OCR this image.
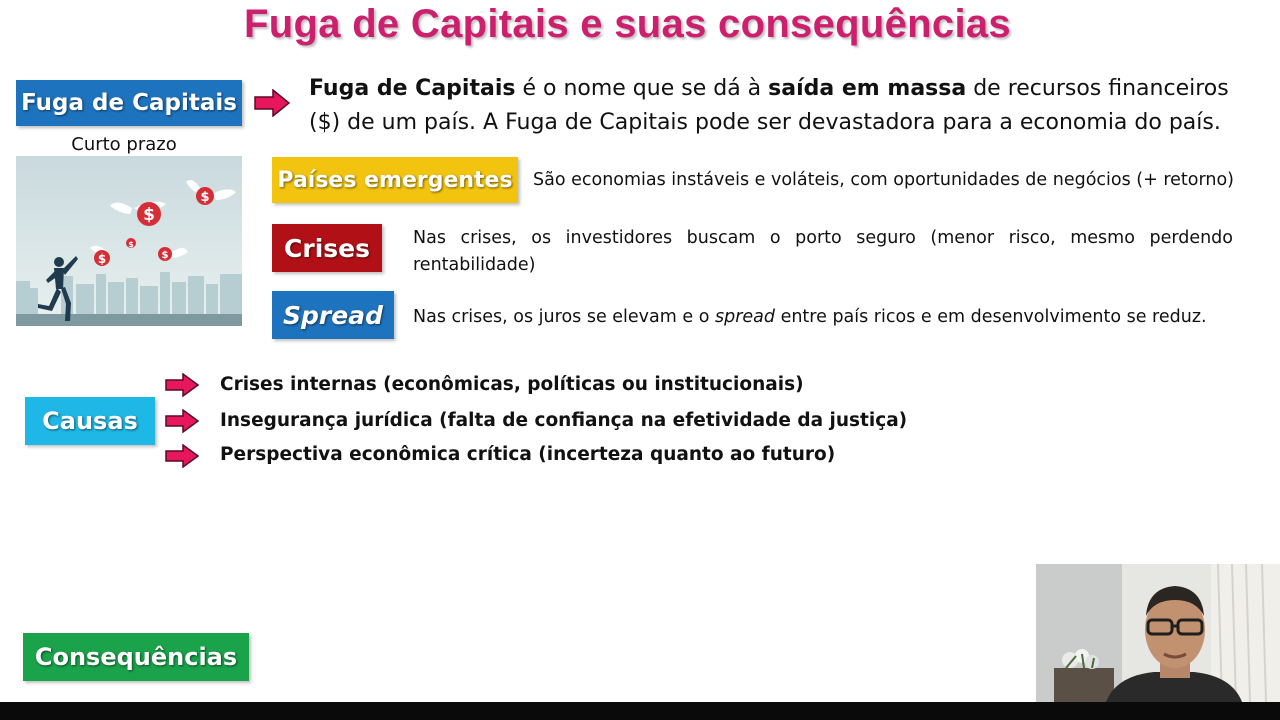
Fuga de Capitais e suas consequências
Fuga de Capitais
Fuga de Capitais é o nome que se dá à saída em massa de recursos financeiros ($) de um país. A Fuga de Capitais pode ser devastadora para a economia do país.
Curto prazo
$
$
$
$
$
Países emergentes	São economias instáveis e voláteis, com oportunidades de negócios (+ retorno)
Crises	Nas crises, os investidores buscam o porto seguro (menor risco, mesmo perdendo rentabilidade)
Spread	Nas crises, os juros se elevam e o spread entre país ricos e em desenvolvimento se reduz.
Causas
Crises internas (econômicas, políticas ou institucionais)
Insegurança jurídica (falta de confiança na efetividade da justiça)
Perspectiva econômica crítica (incerteza quanto ao futuro)
Consequências
